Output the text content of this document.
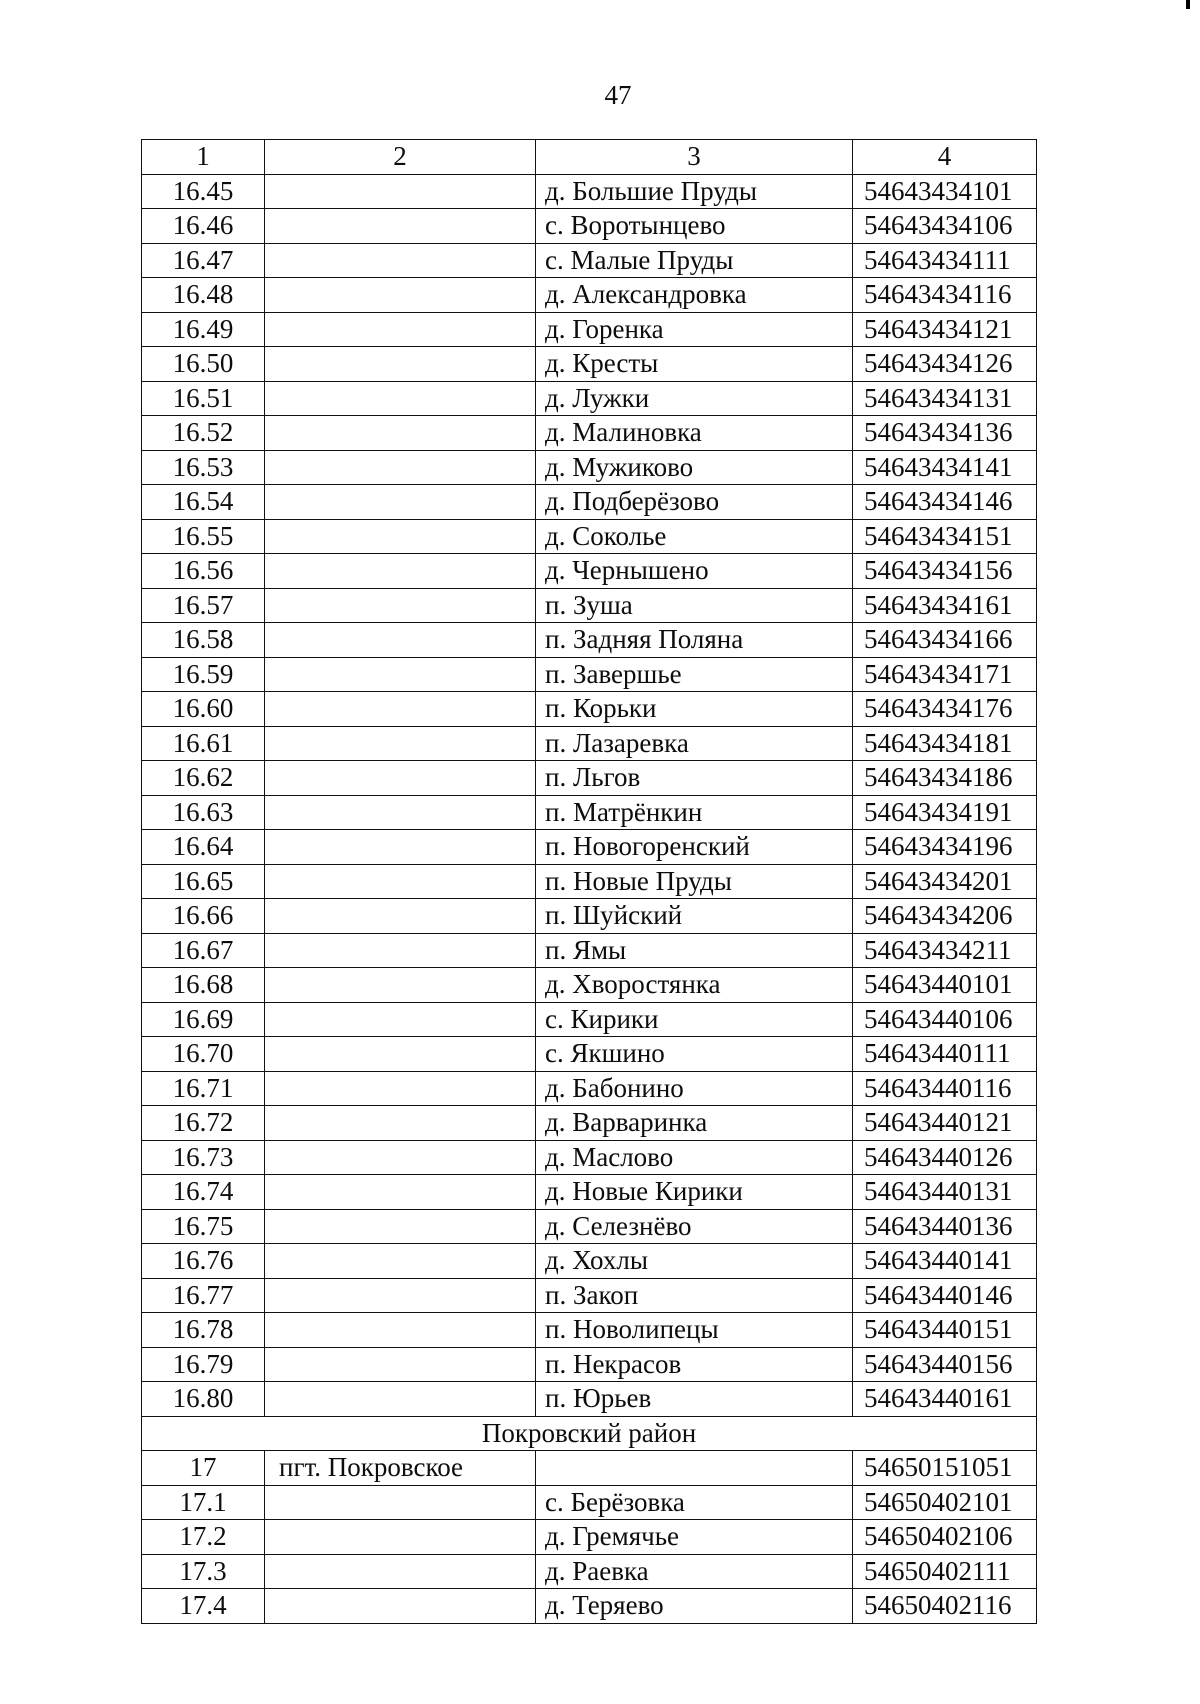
47
1	2	3	4
16.45		д. Большие Пруды	54643434101
16.46		с. Воротынцево	54643434106
16.47		с. Малые Пруды	54643434111
16.48		д. Александровка	54643434116
16.49		д. Горенка	54643434121
16.50		д. Кресты	54643434126
16.51		д. Лужки	54643434131
16.52		д. Малиновка	54643434136
16.53		д. Мужиково	54643434141
16.54		д. Подберёзово	54643434146
16.55		д. Соколье	54643434151
16.56		д. Чернышено	54643434156
16.57		п. Зуша	54643434161
16.58		п. Задняя Поляна	54643434166
16.59		п. Завершье	54643434171
16.60		п. Корьки	54643434176
16.61		п. Лазаревка	54643434181
16.62		п. Льгов	54643434186
16.63		п. Матрёнкин	54643434191
16.64		п. Новогоренский	54643434196
16.65		п. Новые Пруды	54643434201
16.66		п. Шуйский	54643434206
16.67		п. Ямы	54643434211
16.68		д. Хворостянка	54643440101
16.69		с. Кирики	54643440106
16.70		с. Якшино	54643440111
16.71		д. Бабонино	54643440116
16.72		д. Варваринка	54643440121
16.73		д. Маслово	54643440126
16.74		д. Новые Кирики	54643440131
16.75		д. Селезнёво	54643440136
16.76		д. Хохлы	54643440141
16.77		п. Закоп	54643440146
16.78		п. Новолипецы	54643440151
16.79		п. Некрасов	54643440156
16.80		п. Юрьев	54643440161
Покровский район			
17	пгт. Покровское		54650151051
17.1		с. Берёзовка	54650402101
17.2		д. Гремячье	54650402106
17.3		д. Раевка	54650402111
17.4		д. Теряево	54650402116
